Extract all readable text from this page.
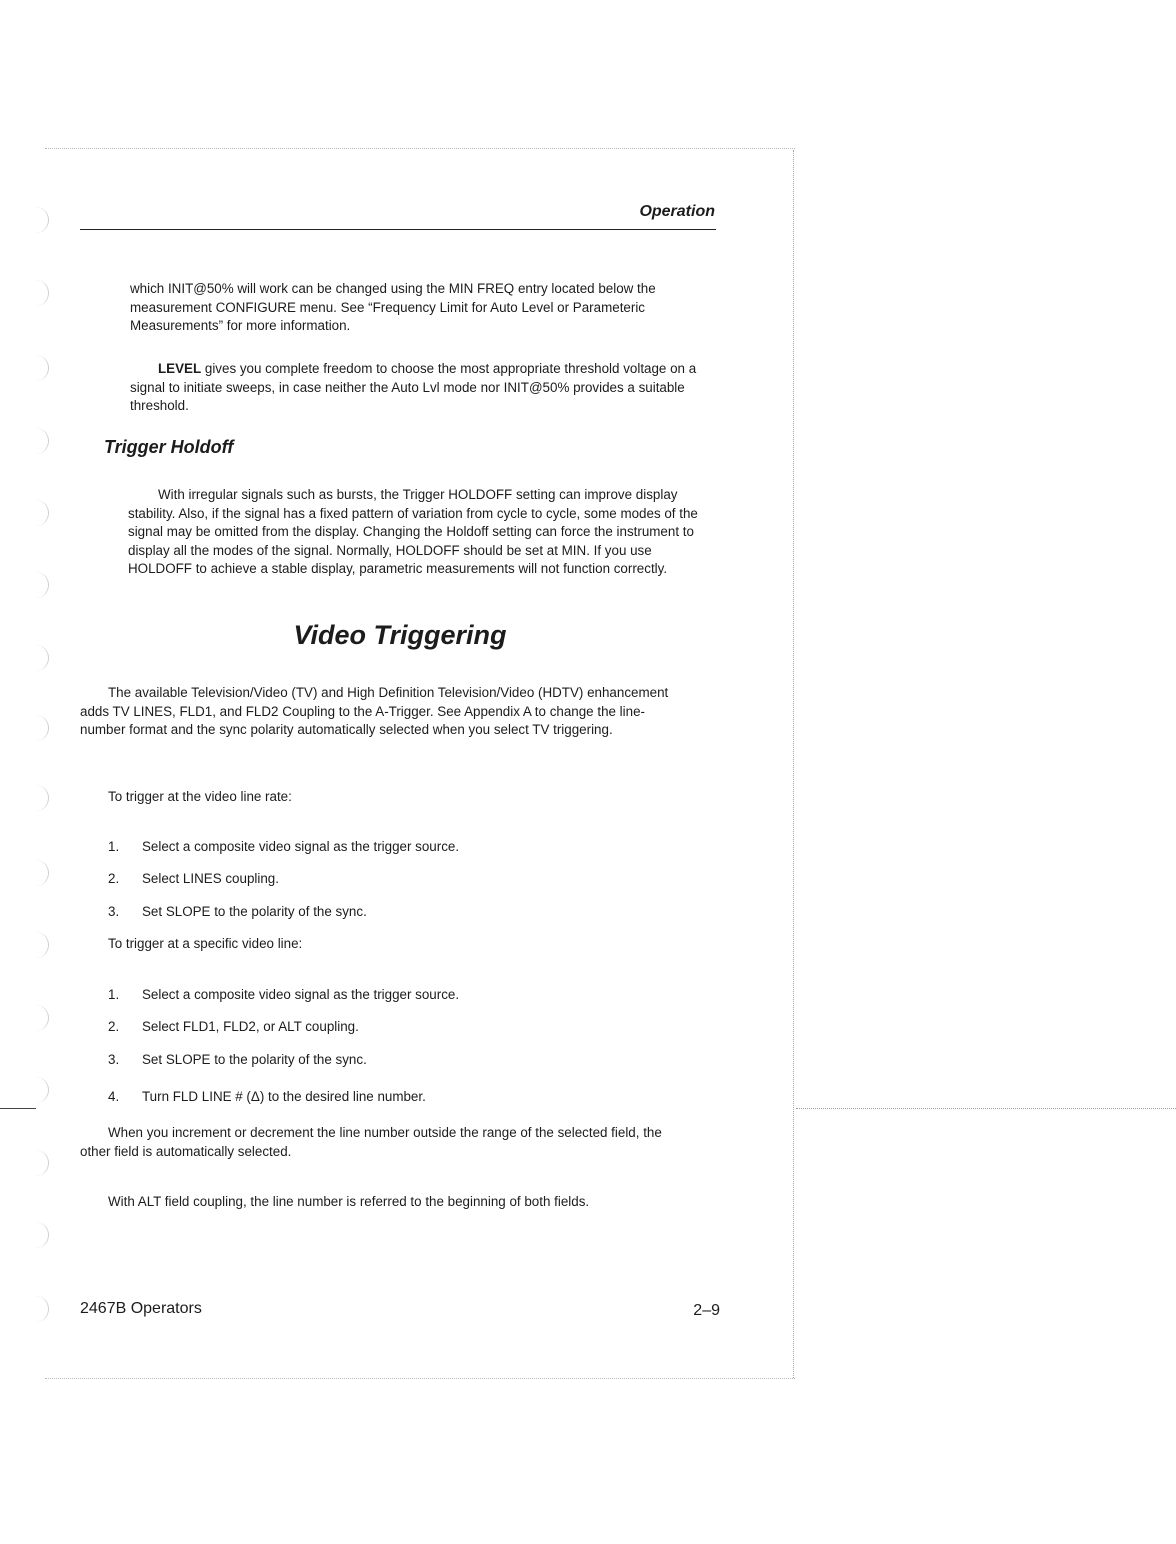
Operation

which INIT@50% will work can be changed using the MIN FREQ entry located below the measurement CONFIGURE menu. See “Frequency Limit for Auto Level or Parameteric Measurements” for more information.

LEVEL gives you complete freedom to choose the most appropriate threshold voltage on a signal to initiate sweeps, in case neither the Auto Lvl mode nor INIT@50% provides a suitable threshold.

Trigger Holdoff

With irregular signals such as bursts, the Trigger HOLDOFF setting can improve display stability. Also, if the signal has a fixed pattern of variation from cycle to cycle, some modes of the signal may be omitted from the display. Changing the Holdoff setting can force the instrument to display all the modes of the signal. Normally, HOLDOFF should be set at MIN. If you use HOLDOFF to achieve a stable display, parametric measurements will not function correctly.

Video Triggering

The available Television/Video (TV) and High Definition Television/Video (HDTV) enhancement adds TV LINES, FLD1, and FLD2 Coupling to the A-Trigger. See Appendix A to change the line-number format and the sync polarity automatically selected when you select TV triggering.

To trigger at the video line rate:

1. Select a composite video signal as the trigger source.
2. Select LINES coupling.
3. Set SLOPE to the polarity of the sync.

To trigger at a specific video line:

1. Select a composite video signal as the trigger source.
2. Select FLD1, FLD2, or ALT coupling.
3. Set SLOPE to the polarity of the sync.
4. Turn FLD LINE # (Δ) to the desired line number.

When you increment or decrement the line number outside the range of the selected field, the other field is automatically selected.

With ALT field coupling, the line number is referred to the beginning of both fields.

2467B Operators	2–9
